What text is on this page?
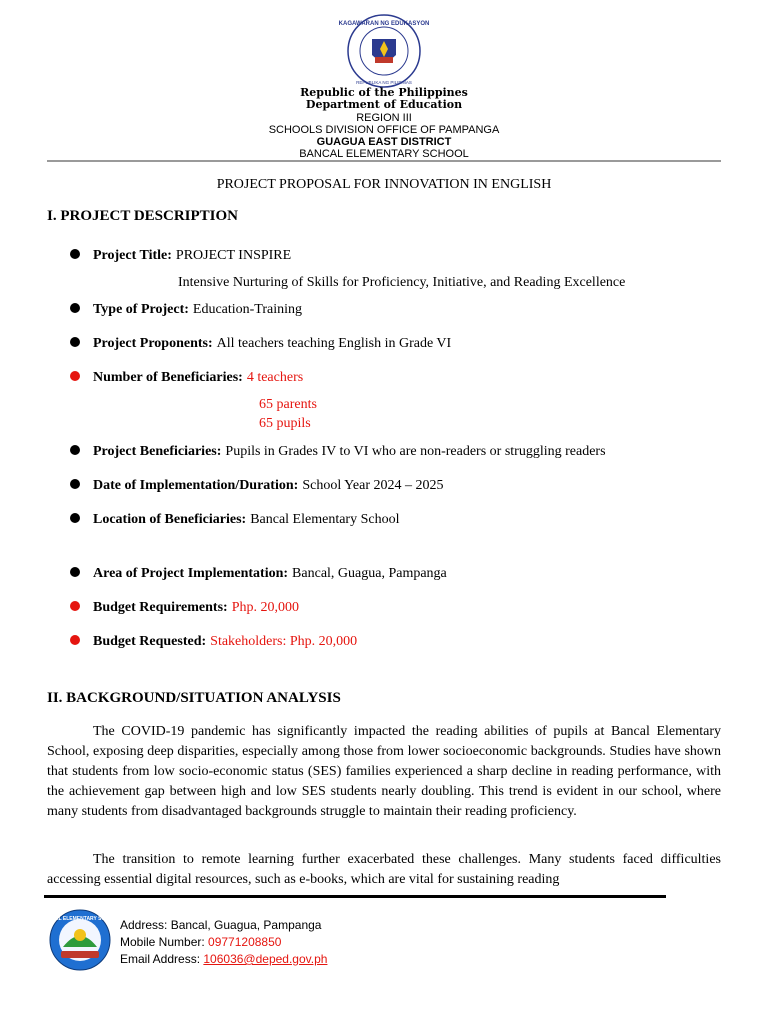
KAGAWARAN NG EDUKASYON
REPUBLIKA NG PILIPINAS
Republic of the Philippines
Department of Education
REGION III
SCHOOLS DIVISION OFFICE OF PAMPANGA
GUAGUA EAST DISTRICT
BANCAL ELEMENTARY SCHOOL
PROJECT PROPOSAL FOR INNOVATION IN ENGLISH
I. PROJECT DESCRIPTION
Project Title: PROJECT INSPIRE
Intensive Nurturing of Skills for Proficiency, Initiative, and Reading Excellence
Type of Project: Education-Training
Project Proponents: All teachers teaching English in Grade VI
Number of Beneficiaries: 4 teachers
65 parents
65 pupils
Project Beneficiaries: Pupils in Grades IV to VI who are non-readers or struggling readers
Date of Implementation/Duration: School Year 2024 – 2025
Location of Beneficiaries: Bancal Elementary School
Area of Project Implementation: Bancal, Guagua, Pampanga
Budget Requirements: Php. 20,000
Budget Requested: Stakeholders: Php. 20,000
II. BACKGROUND/SITUATION ANALYSIS

The COVID-19 pandemic has significantly impacted the reading abilities of pupils at Bancal Elementary School, exposing deep disparities, especially among those from lower socioeconomic backgrounds. Studies have shown that students from low socio-economic status (SES) families experienced a sharp decline in reading performance, with the achievement gap between high and low SES students nearly doubling. This trend is evident in our school, where many students from disadvantaged backgrounds struggle to maintain their reading proficiency.

The transition to remote learning further exacerbated these challenges. Many students faced difficulties accessing essential digital resources, such as e-books, which are vital for sustaining reading

BANCAL ELEMENTARY SCHOOL Address: Bancal, Guagua, Pampanga
Mobile Number: 09771208850
Email Address: 106036@deped.gov.ph
